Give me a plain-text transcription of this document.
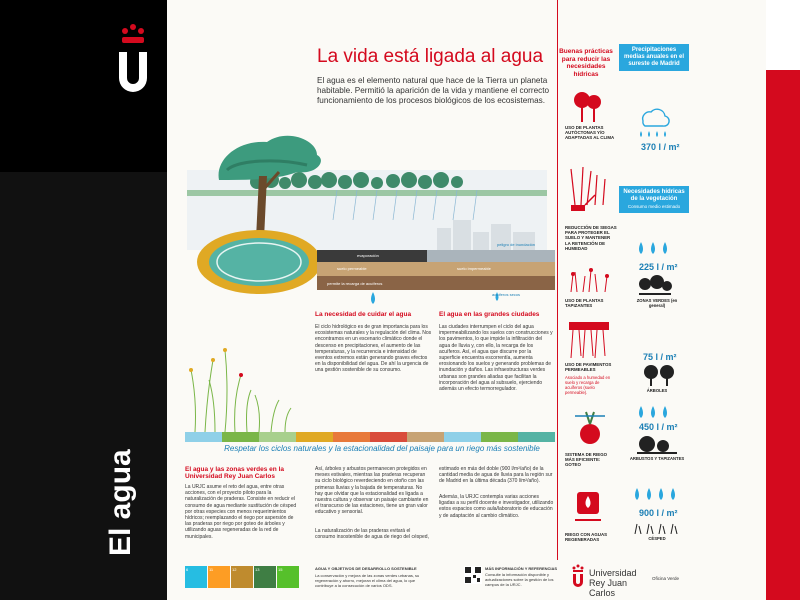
El agua
La vida está ligada al agua
El agua es el elemento natural que hace de la Tierra un planeta habitable. Permitió la aparición de la vida y mantiene el correcto funcionamiento de los procesos biológicos de los ecosistemas.
evaporación
suelo permeable
permite la recarga de acuíferos
peligro de inundación
suelo impermeable
acuíferos secos
La necesidad de cuidar el agua
El ciclo hidrológico es de gran importancia para los ecosistemas naturales y la regulación del clima. Nos encontramos en un escenario climático donde el descenso en precipitaciones, el aumento de las temperaturas, y la recurrencia e intensidad de eventos extremos están generando graves efectos en la disponibilidad del agua. De ahí la urgencia de una gestión sostenible de su consumo.
El agua en las grandes ciudades
Las ciudades interrumpen el ciclo del agua impermeabilizando los suelos con construcciones y los pavimentos, lo que impide la infiltración del agua de lluvia y, con ello, la recarga de los acuíferos. Así, el agua que discurre por la superficie encuentra escorrentía, aumenta erosionando los suelos y generando problemas de inundación y daños. Las infraestructuras verdes urbanas son grandes aliadas que facilitan la incorporación del agua al subsuelo, ejerciendo además un efecto termorregulador.
Respetar los ciclos naturales y la estacionalidad del paisaje para un riego más sostenible
El agua y las zonas verdes en la Universidad Rey Juan Carlos
La URJC asume el reto del agua, entre otras acciones, con el proyecto piloto para la naturalización de praderas. Consiste en reducir el consumo de agua mediante sustitución de césped por otras especies con menos requerimientos hídricos; reemplazando el riego por aspersión de las praderas por riego por goteo de árboles y utilizando aguas regeneradas de la red de municipales.
Así, árboles y arbustos permanecen protegidos en meses estivales, mientras las praderas recuperan su ciclo biológico reverdeciendo en otoño con las primeras lluvias y la bajada de temperaturas. No hay que olvidar que la estacionalidad es ligada a nuestra cultura y observar un paisaje cambiante en el transcurso de las estaciones, tiene un gran valor educativo y sensorial.
La naturalización de las praderas evitará el consumo insostenible de agua de riego del césped,
estimado en más del doble (900 l/m²/año) de la cantidad media de agua de lluvia para la región sur de Madrid en la última década (370 l/m²/año).
Además, la URJC contempla varias acciones ligadas a su perfil docente e investigador, utilizando estos espacios como aula/laboratorio de educación y de adaptación al cambio climático.
6	11	12	13	15	AGUA Y OBJETIVOS DE DESARROLLO SOSTENIBLE
La conservación y mejora de las zonas verdes urbanas, su regeneración y ahorro, mejoran el clima del agua, lo que contribuye a la consecución de varios ODS.
MÁS INFORMACIÓN Y REFERENCIAS
Consulte la información disponible y actualizaciones sobre la gestión de los campus de la URJC.
Universidad Rey Juan Carlos
Oficina Verde
Buenas prácticas para reducir las necesidades hídricas
Precipitaciones medias anuales en el sureste de Madrid
USO DE PLANTAS AUTÓCTONAS Y/O ADAPTADAS AL CLIMA
REDUCCIÓN DE SIEGAS PARA PROTEGER EL SUELO Y MANTENER LA RETENCIÓN DE HUMEDAD
USO DE PLANTAS TAPIZANTES
USO DE PAVIMENTOS PERMEABLES
Asociado a humedad en suelo y recarga de acuíferos (suelo permeable).
SISTEMA DE RIEGO MÁS EFICIENTE: GOTEO
RIEGO CON AGUAS REGENERADAS
370 l / m²
Necesidades hídricas de la vegetación
Consumo medio estimado
225 l / m²
ZONAS VERDES (en general)
75 l / m²
ÁRBOLES
450 l / m²
ARBUSTOS Y TAPIZANTES
900 l / m²
CÉSPED
